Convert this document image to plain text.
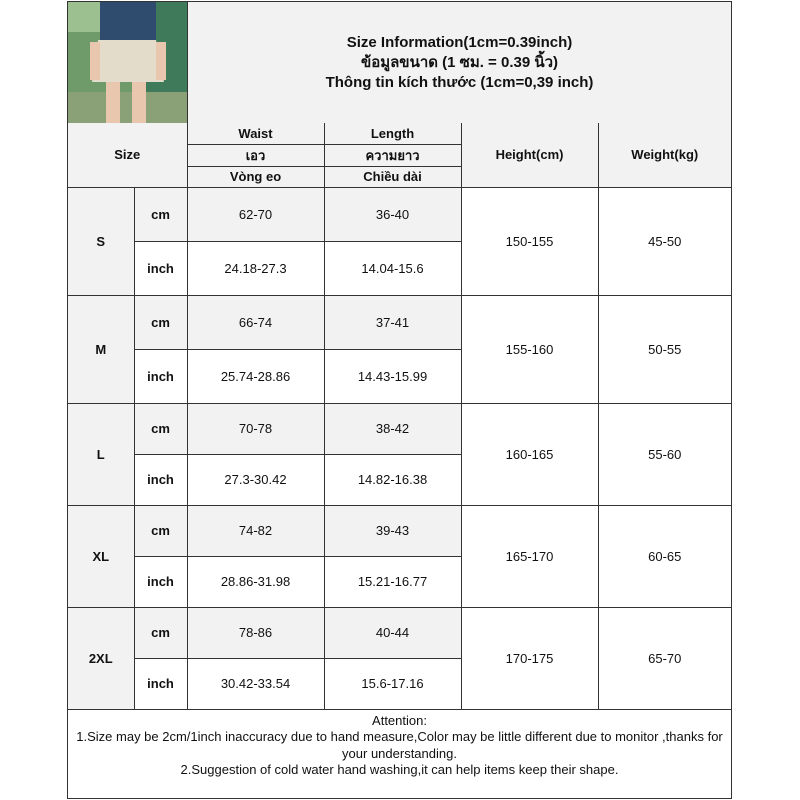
Size Information(1cm=0.39inch)
ข้อมูลขนาด (1 ซม. = 0.39 นิ้ว)
Thông tin kích thước (1cm=0,39 inch)
Size		Waist	Length	Height(cm)	Weight(kg)
		เอว	ความยาว		
		Vòng eo	Chiều dài		
S	cm	62-70	36-40	150-155	45-50
	inch	24.18-27.3	14.04-15.6		
M	cm	66-74	37-41	155-160	50-55
	inch	25.74-28.86	14.43-15.99		
L	cm	70-78	38-42	160-165	55-60
	inch	27.3-30.42	14.82-16.38		
XL	cm	74-82	39-43	165-170	60-65
	inch	28.86-31.98	15.21-16.77		
2XL	cm	78-86	40-44	170-175	65-70
	inch	30.42-33.54	15.6-17.16		

Attention:
1.Size may be 2cm/1inch inaccuracy due to hand measure,Color may be little different due to monitor ,thanks for your understanding.
2.Suggestion of cold water hand washing,it can help items keep their shape.					
